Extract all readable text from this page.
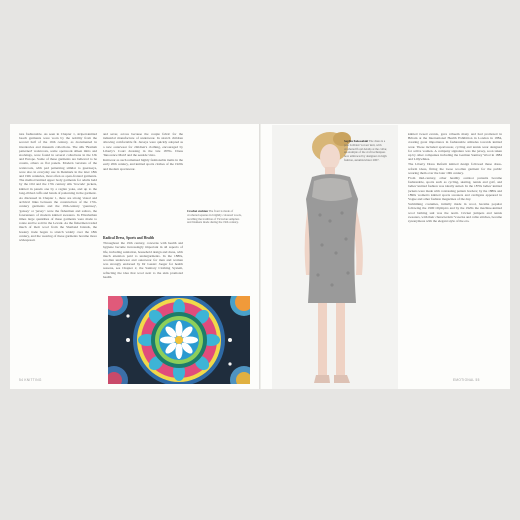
ture fashionable. As seen in Chapter 1, striped-knitted beach garments were worn by the nobility from the second half of the 16th century, as documented in inventories and museum collections. The silk 'Bremah patterned' waistcoats, some openwork silken mitts and stockings, were found in several collections in the UK and Europe. Some of these garments are believed to be cousin, others as flat panels. Modern versions of the waistcoats, with pad patterning similar to guernseys, were also in everyday use in Denmark in the later 18th and 19th centuries, most often as open-fronted garments. The method knitted upper body garments for adults held by the Old and the 17th century silk 'brocade' jackets, knitted in panels one by a raglan yoke, and up to the long-ribbed cuffs and bands of patterning in the garment.

As discussed in Chapter 1, there are strong visual and archival links between the construction of the 17th-century garments and the 19th-century 'guernsey', 'gansey' or 'jersey': were the fishermen and sailors, the forerunners of modern knitted sweaters. In Elizabethan times large quantities of these garments were made to rotate and be sold in the Levant. As the fishermen traded much of their wool from the Shetland Islands, the hosiery trade began to stretch widely over the 18th century, and the wearing of these garments became more widespread.

and sever, across because the couple fabric for the industrial manufacture of underwear. In stretch children allowing comfortable fit. Jerseys were quickly adopted as a new outerwear for children's clothing, encouraged by Liberty's Court dressing in the late 1870s. Dress 'Innocence Maid' and the seaside vista.

Knitwear as such remained highly fashionable items in the early 20th century, and knitted sports clothes of the 1920s and modern sportswear.

Radical Dress, Sports and Health

Throughout the 19th century, concerns with health and hygiene became increasingly important in all aspects of life, including sanitation, household design and dress, with much attention paid to undergarments. In the 1880s, woollen underwear and outerwear for men and women was strongly endorsed by Dr Gustav Jaeger for health reasons, see Chapter 2, the Sanitary Clothing System, reflecting the idea that wool next to the skin promoted health.

Crochet cushion The front is made of crocheted squares in brightly coloured wools, recalling the tradition of Victorian samplers and blankets made during the 19th century.
54 KNITTING
Sophia Kokosalaki The dress is a pale bobbled 'woven' knit, with crocheted floral details at the collar, an example of the craft techniques now embraced by designers in high fashion, autumn/winter 2007.

knitted tweed events, gave ra'heem many and had promoted in Britain at the International Health Exhibition in London in 1884, creating great importance in fashionable attitudes towards knitted wear. These included sportswear, cycling and tennis wear designed for active women. A company signature was the jersey, soon taken up by other companies including the German Sanitary Wool in 1884 and Lillywhites.

The Liberty Dress Reform knitted design followed these dress-reform ideas, fitting the loose woollen garment for the public wearing them over the later 19th century.

From mid-century, other healthy outdoor pursuits became fashionable, sports such as cycling, skating, tennis and golf, and ladies' knitted fashion was ideally suited. In the 1870s ladies' knitted jackets were made with contrasting pattern borders; by the 1880s and 1890s women's knitted sports sweaters and cardigans appeared in Vogue and other fashion magazines of the day.

Swimming costumes, initially made in wool, became popular following the 1900 Olympics and by the 1920s the machine-knitted wool bathing suit was the norm. Cricket jumpers and tennis sweaters, with their characteristic V-necks and cable stitches, became synonymous with the elegant style of the era.

EMOTIONAL 55
